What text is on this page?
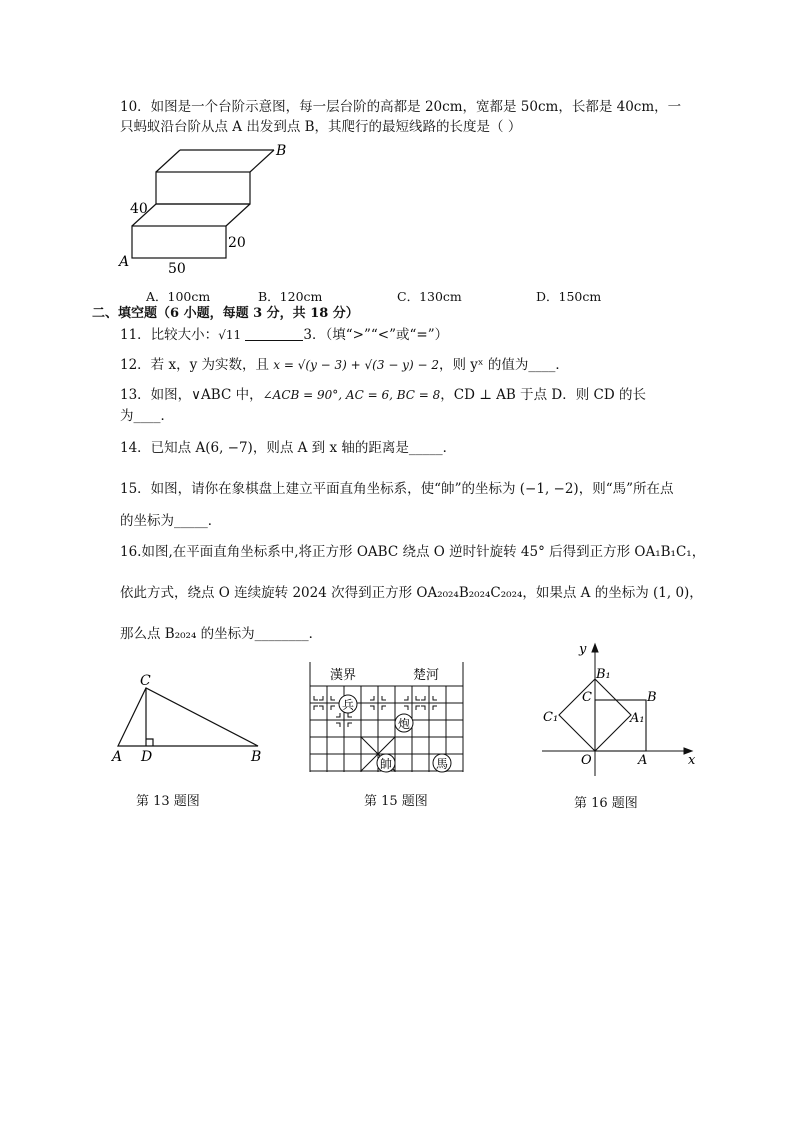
10．如图是一个台阶示意图，每一层台阶的高都是 20cm，宽都是 50cm，长都是 40cm，一
只蚂蚁沿台阶从点 A 出发到点 B，其爬行的最短线路的长度是（ ）
B
A
40
20
50
A．100cm	B．120cm	C．130cm	D．150cm
二、填空题（6 小题，每题 3 分，共 18 分）
11．比较大小：√11	3．（填“>”“<”或“=”）
12．若 x，y 为实数，且 x = √(y − 3) + √(3 − y) − 2，则 yˣ 的值为____．
13．如图，∨ABC 中，∠ACB = 90°, AC = 6, BC = 8，CD ⊥ AB 于点 D．则 CD 的长
为____．
14．已知点 A(6, −7)，则点 A 到 x 轴的距离是_____．
15．如图，请你在象棋盘上建立平面直角坐标系，使“帥”的坐标为 (−1, −2)，则“馬”所在点
的坐标为_____．
16.如图,在平面直角坐标系中,将正方形 OABC 绕点 O 逆时针旋转 45° 后得到正方形 OA₁B₁C₁，
依此方式，绕点 O 连续旋转 2024 次得到正方形 OA₂₀₂₄B₂₀₂₄C₂₀₂₄，如果点 A 的坐标为 (1, 0)，
那么点 B₂₀₂₄ 的坐标为________．
C
A D	B
第 13 题图
漢界	楚河
兵
炮
帥	馬
第 15 题图
y
x
B₁
B
C
C₁	A₁
O	A
第 16 题图
